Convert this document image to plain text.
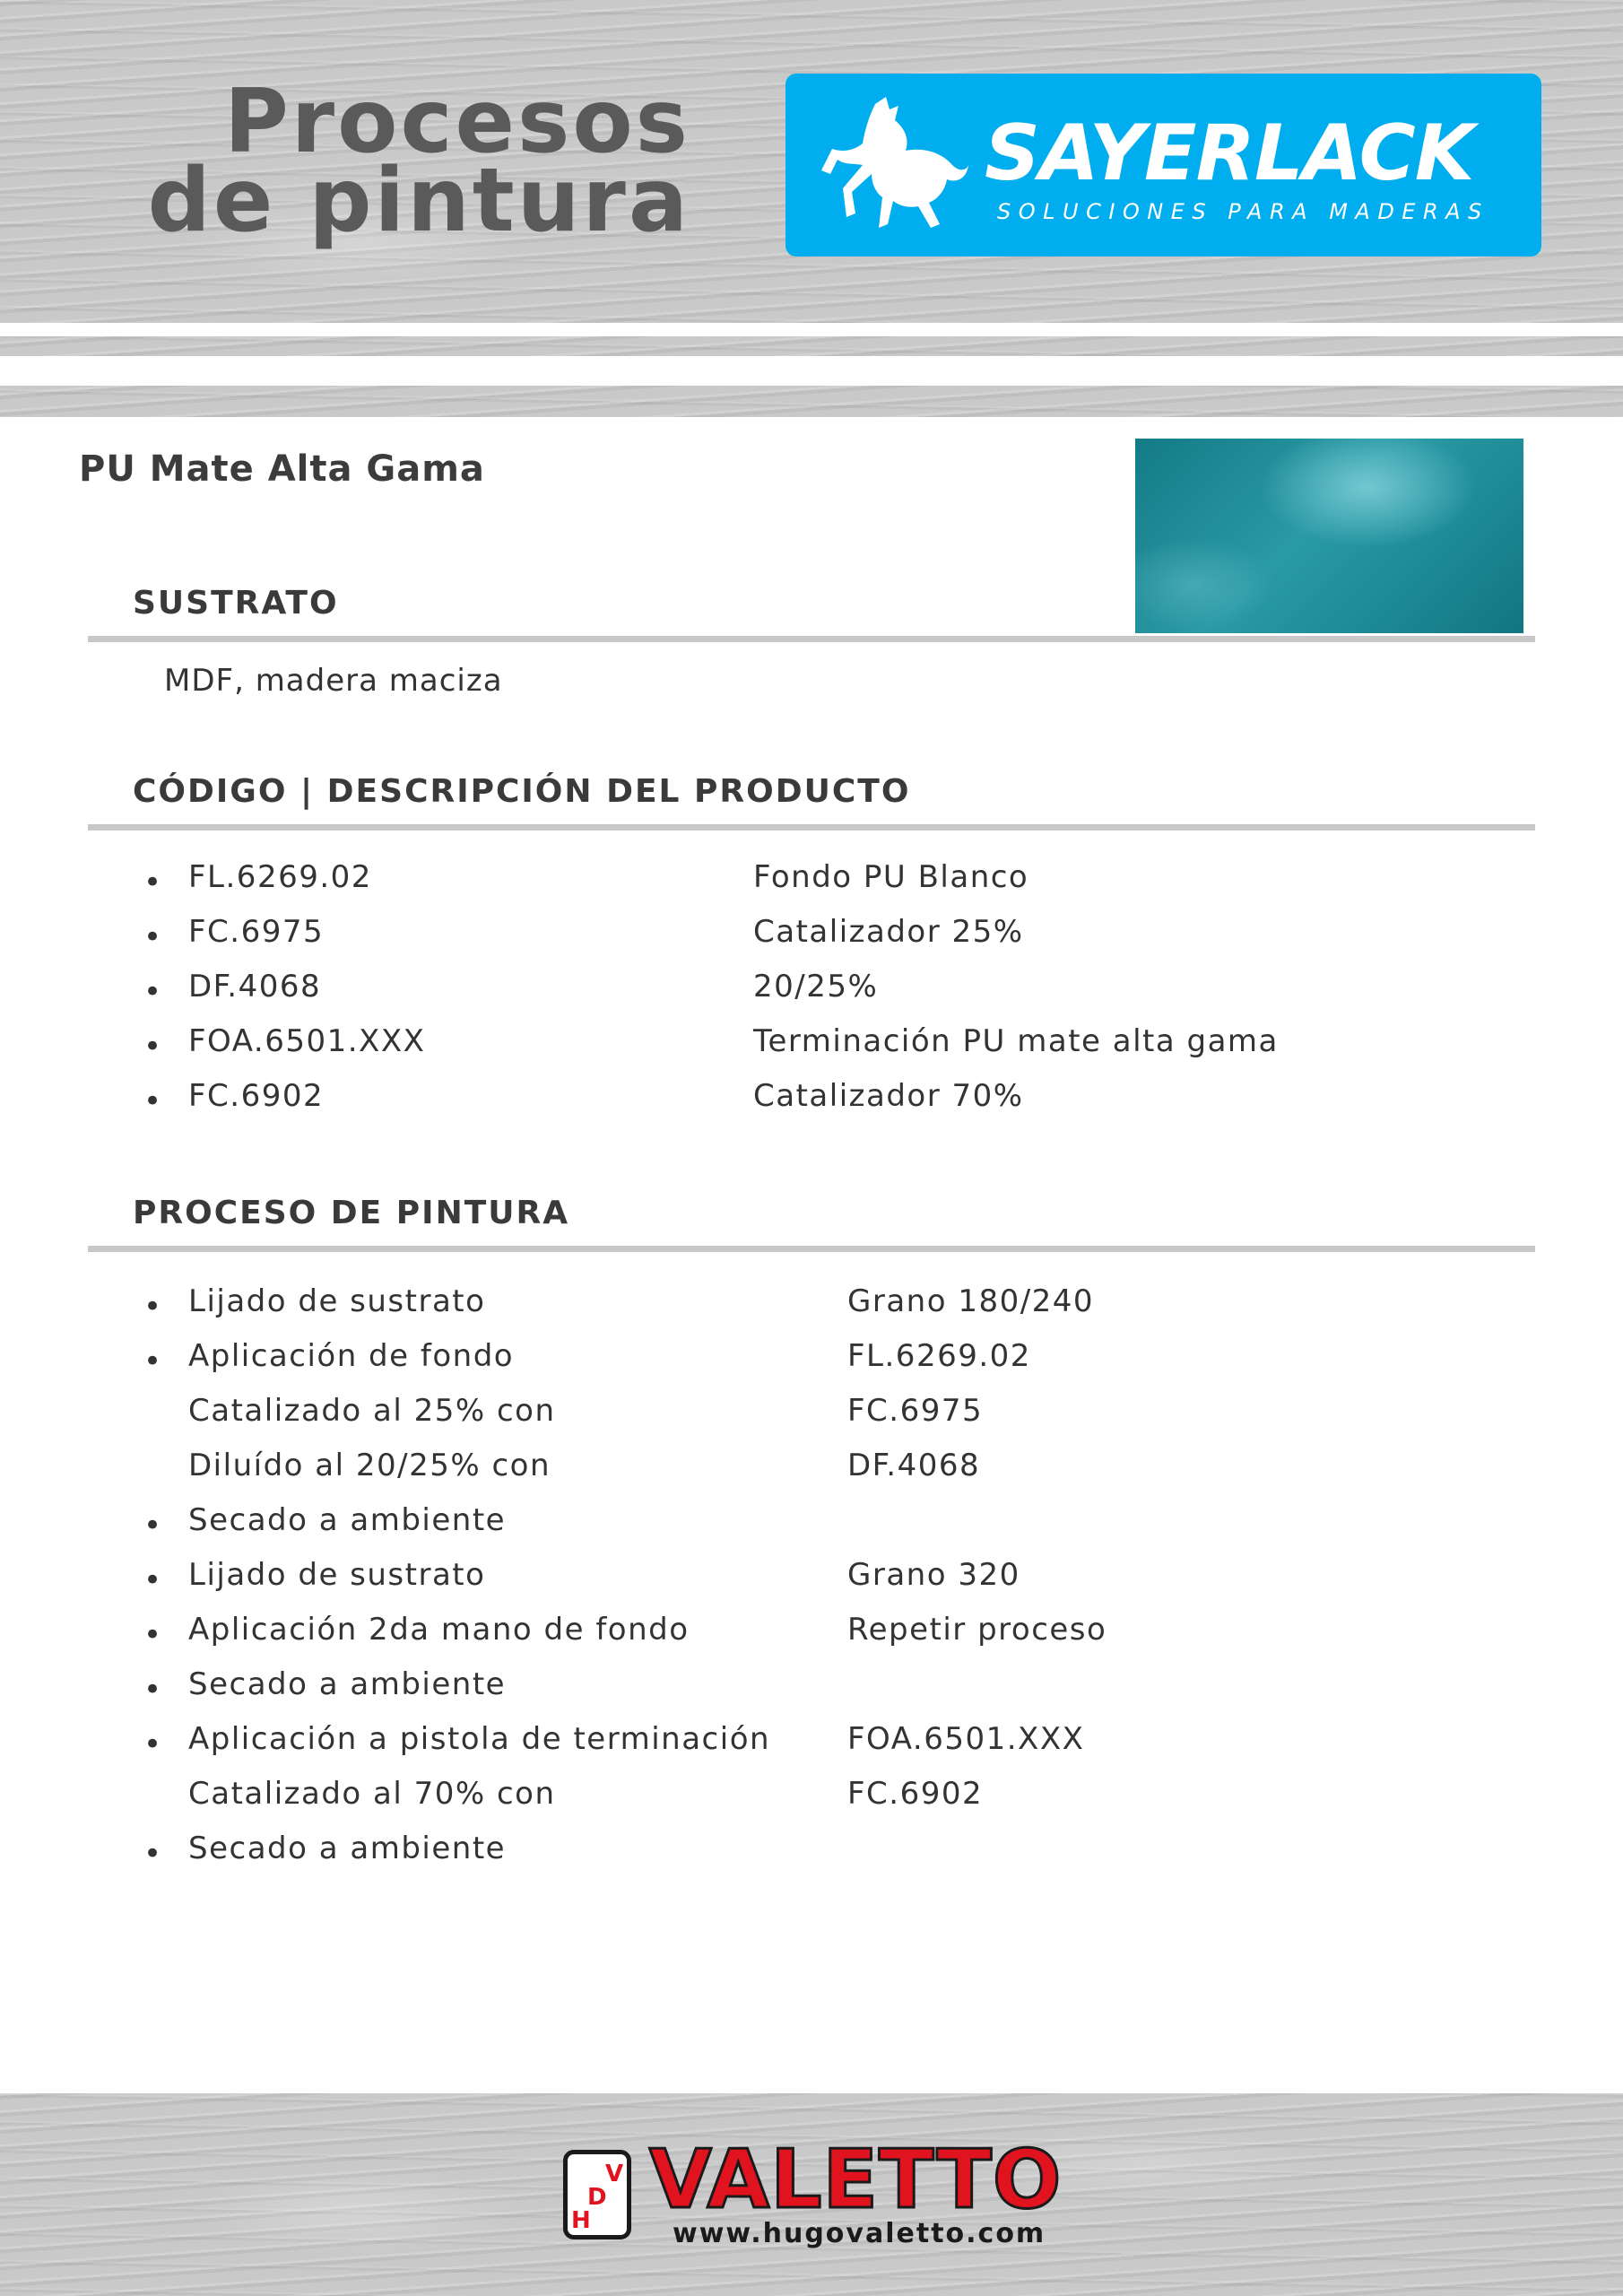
Procesos
de pintura	SAYERLACK
SOLUCIONES PARA MADERAS
PU Mate Alta Gama
SUSTRATO
MDF, madera maciza
CÓDIGO | DESCRIPCIÓN DEL PRODUCTO
• FL.6269.02	Fondo PU Blanco
• FC.6975	Catalizador 25%
• DF.4068	20/25%
• FOA.6501.XXX	Terminación PU mate alta gama
• FC.6902	Catalizador 70%
PROCESO DE PINTURA
• Lijado de sustrato	Grano 180/240
• Aplicación de fondo	FL.6269.02
Catalizado al 25% con	FC.6975
Diluído al 20/25% con	DF.4068
• Secado a ambiente
• Lijado de sustrato	Grano 320
• Aplicación 2da mano de fondo	Repetir proceso
• Secado a ambiente
• Aplicación a pistola de terminación	FOA.6501.XXX
Catalizado al 70% con	FC.6902
• Secado a ambiente
V
D
H VALETTO
www.hugovaletto.com
